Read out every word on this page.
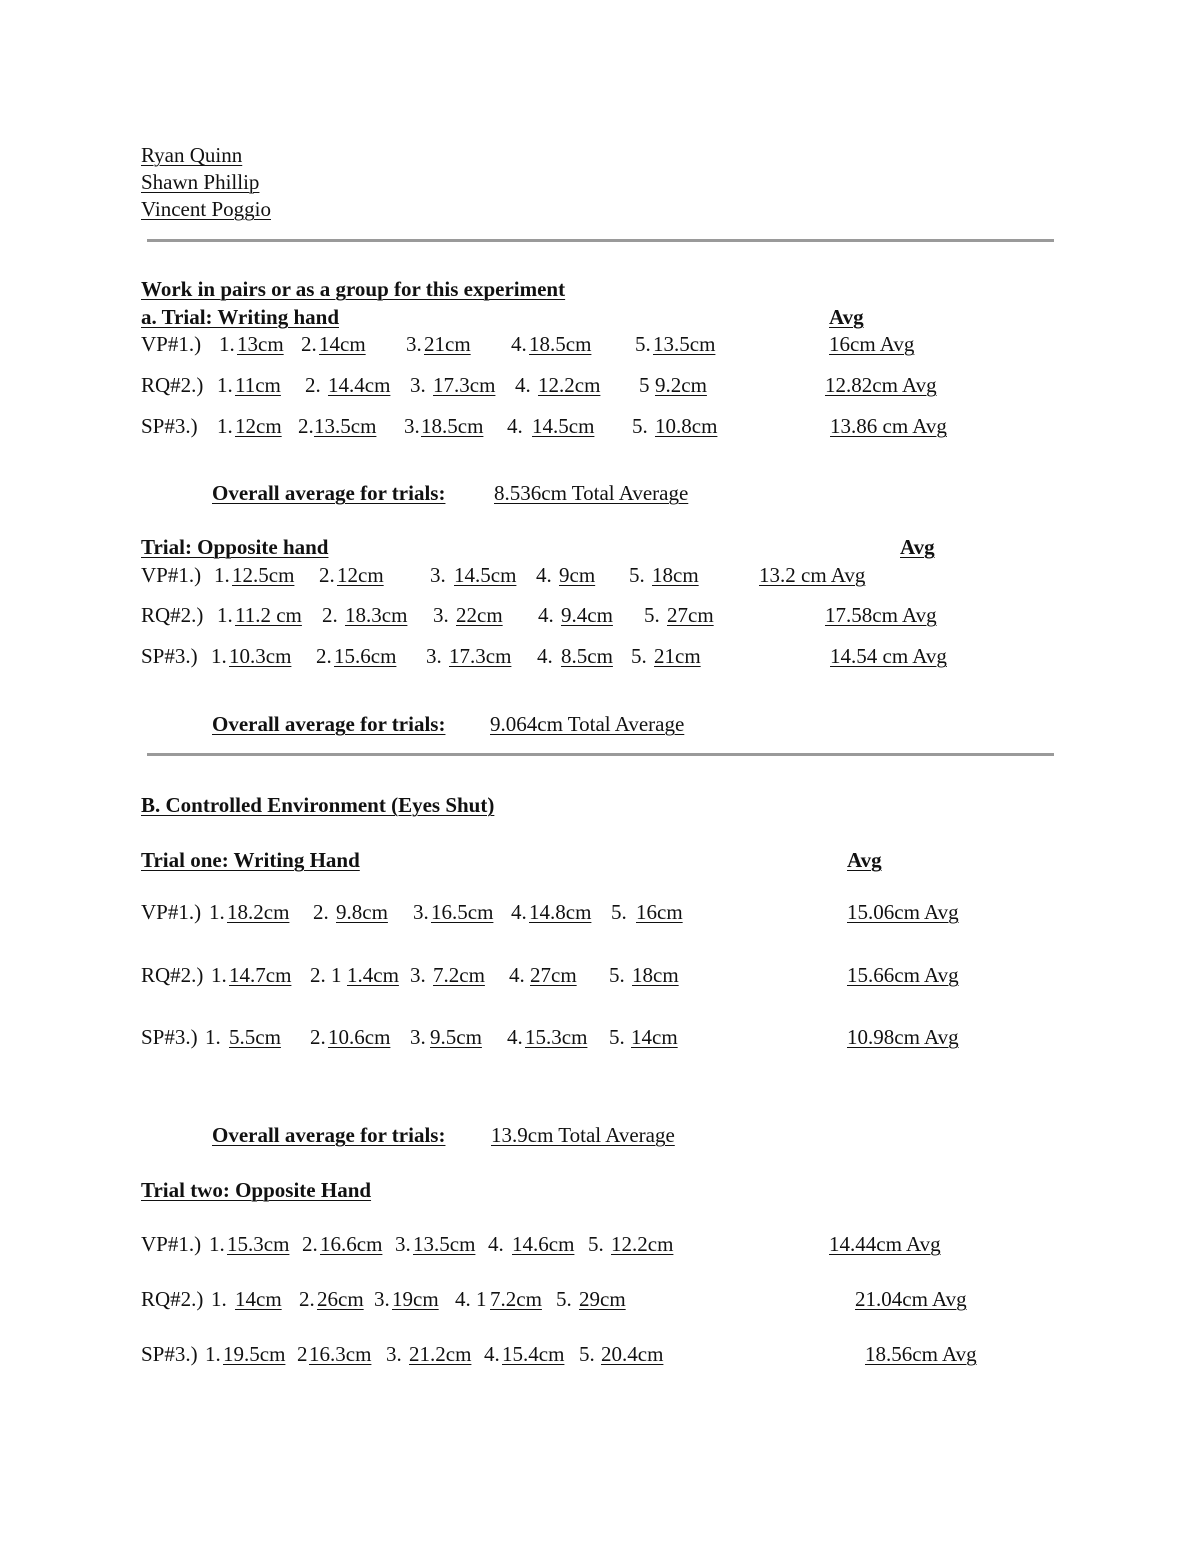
Ryan Quinn
Shawn Phillip
Vincent Poggio
Work in pairs or as a group for this experiment
a. Trial: Writing hand	Avg
VP#1.) 1. 13cm 2. 14cm 3. 21cm 4. 18.5cm 5. 13.5cm	16cm Avg
RQ#2.) 1. 11cm 2. 14.4cm 3. 17.3cm 4. 12.2cm 5 9.2cm	12.82cm Avg
SP#3.) 1. 12cm 2. 13.5cm 3. 18.5cm 4. 14.5cm 5. 10.8cm	13.86 cm Avg
Overall average for trials: 8.536cm Total Average
Trial: Opposite hand	Avg
VP#1.) 1. 12.5cm 2. 12cm 3. 14.5cm 4. 9cm 5. 18cm	13.2 cm Avg
RQ#2.) 1. 11.2 cm 2. 18.3cm 3. 22cm 4. 9.4cm 5. 27cm	17.58cm Avg
SP#3.) 1. 10.3cm 2. 15.6cm 3. 17.3cm 4. 8.5cm 5. 21cm	14.54 cm Avg
Overall average for trials: 9.064cm Total Average
B. Controlled Environment (Eyes Shut)
Trial one: Writing Hand	Avg
VP#1.) 1. 18.2cm 2. 9.8cm 3. 16.5cm 4. 14.8cm 5. 16cm	15.06cm Avg
RQ#2.) 1. 14.7cm 2. 1 1.4cm 3. 7.2cm 4. 27cm 5. 18cm	15.66cm Avg
SP#3.) 1. 5.5cm 2. 10.6cm 3. 9.5cm 4. 15.3cm 5. 14cm	10.98cm Avg
Overall average for trials: 13.9cm Total Average
Trial two: Opposite Hand
VP#1.) 1. 15.3cm 2. 16.6cm 3. 13.5cm 4. 14.6cm 5. 12.2cm	14.44cm Avg
RQ#2.) 1. 14cm 2. 26cm 3. 19cm 4. 1 7.2cm 5. 29cm	21.04cm Avg
SP#3.) 1. 19.5cm 2 16.3cm 3. 21.2cm 4. 15.4cm 5. 20.4cm	18.56cm Avg
